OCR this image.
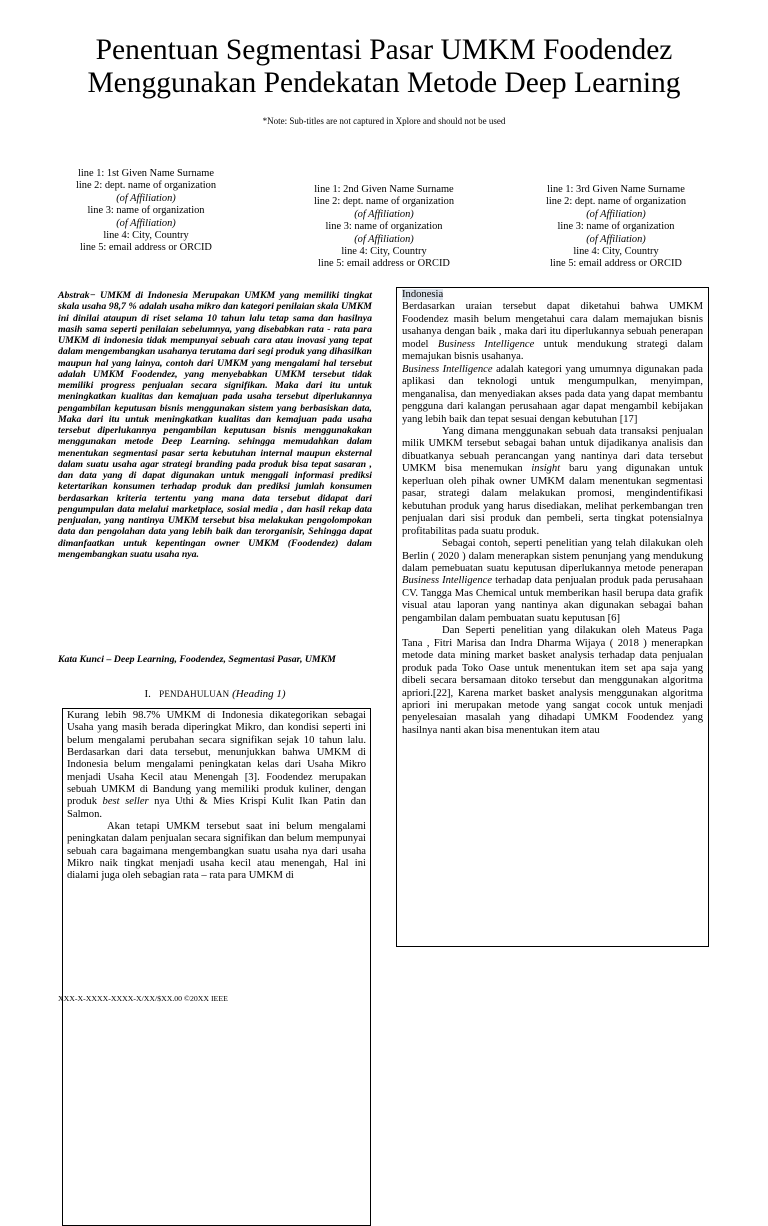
Penentuan Segmentasi Pasar UMKM Foodendez
Menggunakan Pendekatan Metode Deep Learning
*Note: Sub-titles are not captured in Xplore and should not be used
line 1: 1st Given Name Surname
line 2: dept. name of organization
(of Affiliation)
line 3: name of organization
(of Affiliation)
line 4: City, Country
line 5: email address or ORCID
line 1: 2nd Given Name Surname
line 2: dept. name of organization
(of Affiliation)
line 3: name of organization
(of Affiliation)
line 4: City, Country
line 5: email address or ORCID
line 1: 3rd Given Name Surname
line 2: dept. name of organization
(of Affiliation)
line 3: name of organization
(of Affiliation)
line 4: City, Country
line 5: email address or ORCID

Abstrak− UMKM di Indonesia Merupakan UMKM yang memiliki tingkat skala usaha 98,7 % adalah usaha mikro dan kategori penilaian skala UMKM ini dinilai ataupun di riset selama 10 tahun lalu tetap sama dan hasilnya masih sama seperti penilaian sebelumnya, yang disebabkan rata - rata para UMKM di indonesia tidak mempunyai sebuah cara atau inovasi yang tepat dalam mengembangkan usahanya terutama dari segi produk yang dihasilkan maupun hal yang lainya, contoh dari UMKM yang mengalami hal tersebut adalah UMKM Foodendez, yang menyebabkan UMKM tersebut tidak memiliki progress penjualan secara signifikan. Maka dari itu untuk meningkatkan kualitas dan kemajuan pada usaha tersebut diperlukannya pengambilan keputusan bisnis menggunakan sistem yang berbasiskan data, Maka dari itu untuk meningkatkan kualitas dan kemajuan pada usaha tersebut diperlukannya pengambilan keputusan bisnis menggunakakan menggunakan metode Deep Learning. sehingga memudahkan dalam menentukan segmentasi pasar serta kebutuhan internal maupun eksternal dalam suatu usaha agar strategi branding pada produk bisa tepat sasaran , dan data yang di dapat digunakan untuk menggali informasi prediksi ketertarikan konsumen terhadap produk dan prediksi jumlah konsumen berdasarkan kriteria tertentu yang mana data tersebut didapat dari pengumpulan data melalui marketplace, sosial media , dan hasil rekap data penjualan, yang nantinya UMKM tersebut bisa melakukan pengolompokan data dan pengolahan data yang lebih baik dan terorganisir, Sehingga dapat dimanfaatkan untuk kepentingan owner UMKM (Foodendez) dalam mengembangkan suatu usaha nya.

Kata Kunci – Deep Learning, Foodendez, Segmentasi Pasar, UMKM

I. PENDAHULUAN (Heading 1)

Kurang lebih 98.7% UMKM di Indonesia dikategorikan sebagai Usaha yang masih berada diperingkat Mikro, dan kondisi seperti ini belum mengalami perubahan secara signifikan sejak 10 tahun lalu. Berdasarkan dari data tersebut, menunjukkan bahwa UMKM di Indonesia belum mengalami peningkatan kelas dari Usaha Mikro menjadi Usaha Kecil atau Menengah [3]. Foodendez merupakan sebuah UMKM di Bandung yang memiliki produk kuliner, dengan produk best seller nya Uthi & Mies Krispi Kulit Ikan Patin dan Salmon.

Akan tetapi UMKM tersebut saat ini belum mengalami peningkatan dalam penjualan secara signifikan dan belum mempunyai sebuah cara bagaimana mengembangkan suatu usaha nya dari usaha Mikro naik tingkat menjadi usaha kecil atau menengah, Hal ini dialami juga oleh sebagian rata – rata para UMKM di

Indonesia

Berdasarkan uraian tersebut dapat diketahui bahwa UMKM Foodendez masih belum mengetahui cara dalam memajukan bisnis usahanya dengan baik , maka dari itu diperlukannya sebuah penerapan model Business Intelligence untuk mendukung strategi dalam memajukan bisnis usahanya.

Business Intelligence adalah kategori yang umumnya digunakan pada aplikasi dan teknologi untuk mengumpulkan, menyimpan, menganalisa, dan menyediakan akses pada data yang dapat membantu pengguna dari kalangan perusahaan agar dapat mengambil kebijakan yang lebih baik dan tepat sesuai dengan kebutuhan [17]

Yang dimana menggunakan sebuah data transaksi penjualan milik UMKM tersebut sebagai bahan untuk dijadikanya analisis dan dibuatkanya sebuah perancangan yang nantinya dari data tersebut UMKM bisa menemukan insight baru yang digunakan untuk keperluan oleh pihak owner UMKM dalam menentukan segmentasi pasar, strategi dalam melakukan promosi, mengindentifikasi kebutuhan produk yang harus disediakan, melihat perkembangan tren penjualan dari sisi produk dan pembeli, serta tingkat potensialnya profitabilitas pada suatu produk.

Sebagai contoh, seperti penelitian yang telah dilakukan oleh Berlin ( 2020 ) dalam menerapkan sistem penunjang yang mendukung dalam pemebuatan suatu keputusan diperlukannya metode penerapan Business Intelligence terhadap data penjualan produk pada perusahaan CV. Tangga Mas Chemical untuk memberikan hasil berupa data grafik visual atau laporan yang nantinya akan digunakan sebagai bahan pengambilan dalam pembuatan suatu keputusan [6]

Dan Seperti penelitian yang dilakukan oleh Mateus Paga Tana , Fitri Marisa dan Indra Dharma Wijaya ( 2018 ) menerapkan metode data mining market basket analysis terhadap data penjualan produk pada Toko Oase untuk menentukan item set apa saja yang dibeli secara bersamaan ditoko tersebut dan menggunakan algoritma apriori.[22], Karena market basket analysis menggunakan algoritma apriori ini merupakan metode yang sangat cocok untuk menjadi penyelesaian masalah yang dihadapi UMKM Foodendez yang hasilnya nanti akan bisa menentukan item atau

XXX-X-XXXX-XXXX-X/XX/$XX.00 ©20XX IEEE
